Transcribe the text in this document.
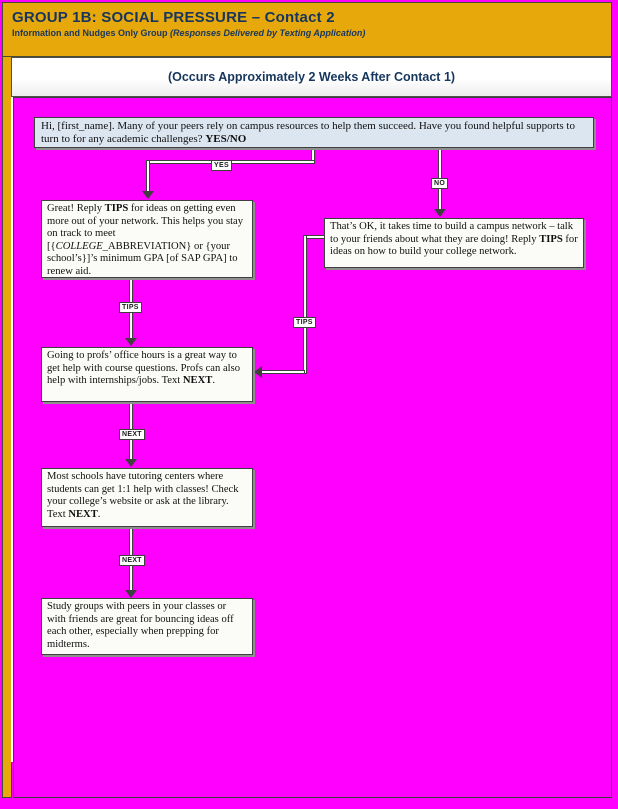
GROUP 1B: SOCIAL PRESSURE – Contact 2
Information and Nudges Only Group (Responses Delivered by Texting Application)
(Occurs Approximately 2 Weeks After Contact 1)
Hi, [first_name]. Many of your peers rely on campus resources to help them succeed. Have you found helpful supports to turn to for any academic challenges? YES/NO
YES
NO
Great! Reply TIPS for ideas on getting even more out of your network. This helps you stay on track to meet [{COLLEGE_ABBREVIATION} or {your school’s}]’s minimum GPA [of SAP GPA] to renew aid.
That’s OK, it takes time to build a campus network – talk to your friends about what they are doing! Reply TIPS for ideas on how to build your college network.
TIPS
TIPS
Going to profs’ office hours is a great way to get help with course questions. Profs can also help with internships/jobs. Text NEXT.
NEXT
Most schools have tutoring centers where students can get 1:1 help with classes! Check your college’s website or ask at the library. Text NEXT.
NEXT
Study groups with peers in your classes or with friends are great for bouncing ideas off each other, especially when prepping for midterms.
